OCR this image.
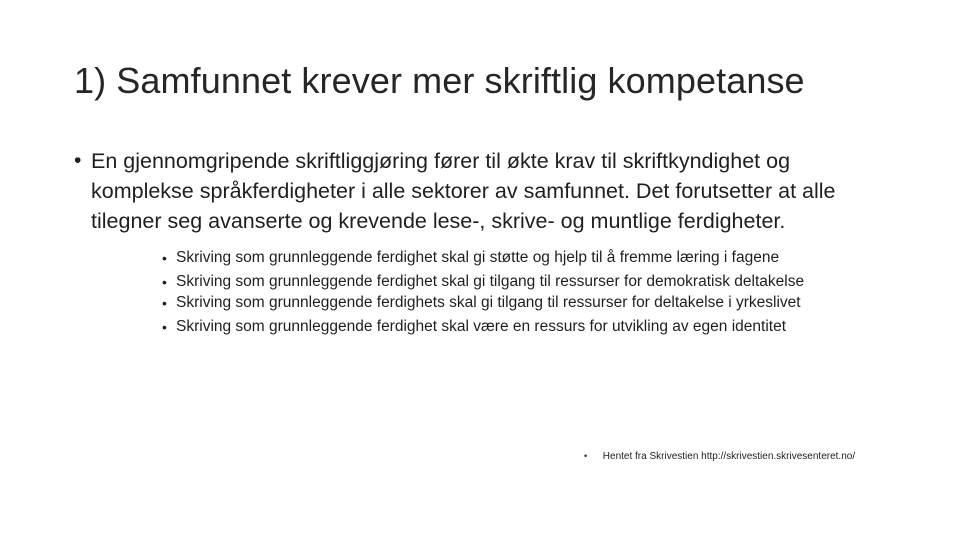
1) Samfunnet krever mer skriftlig kompetanse
• En gjennomgripende skriftliggjøring fører til økte krav til skriftkyndighet og komplekse språkferdigheter i alle sektorer av samfunnet. Det forutsetter at alle tilegner seg avanserte og krevende lese-, skrive- og muntlige ferdigheter.
• Skriving som grunnleggende ferdighet skal gi støtte og hjelp til å fremme læring i fagene
• Skriving som grunnleggende ferdighet skal gi tilgang til ressurser for demokratisk deltakelse
• Skriving som grunnleggende ferdighets skal gi tilgang til ressurser for deltakelse i yrkeslivet
• Skriving som grunnleggende ferdighet skal være en ressurs for utvikling av egen identitet
• Hentet fra Skrivestien http://skrivestien.skrivesenteret.no/
